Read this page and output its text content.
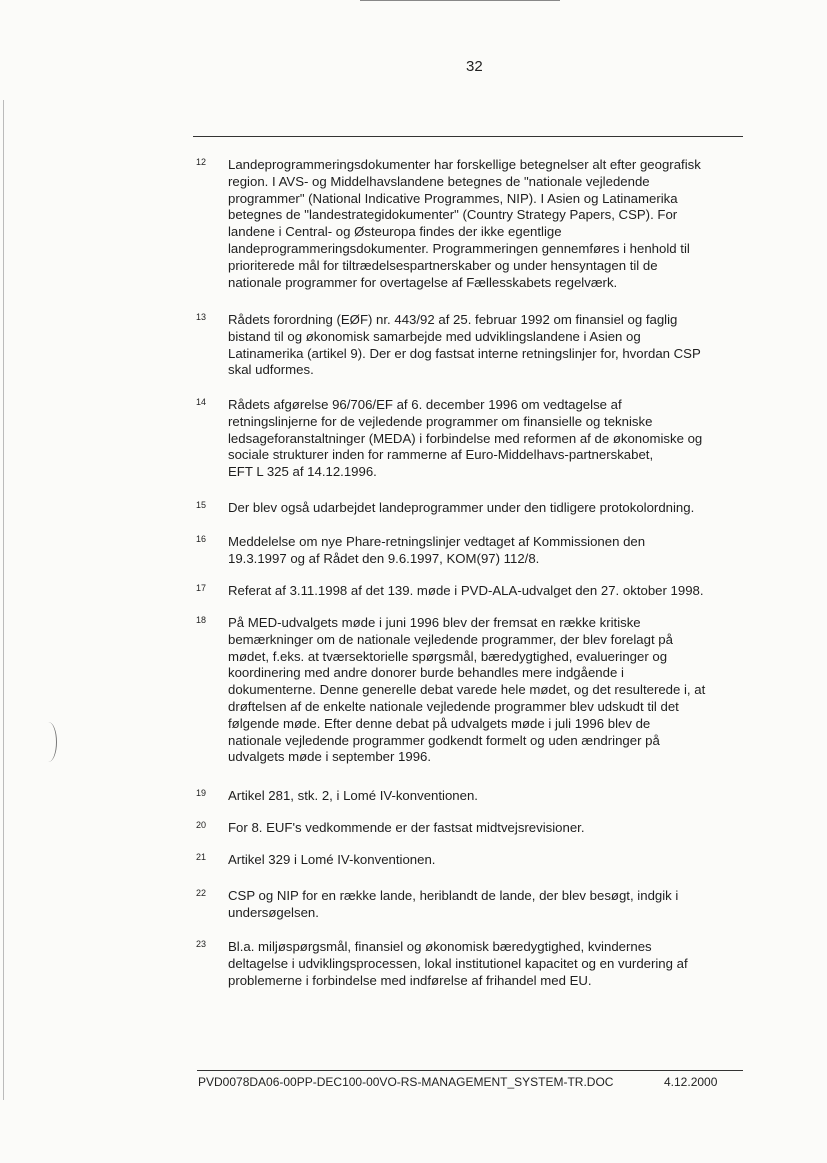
32
12 Landeprogrammeringsdokumenter har forskellige betegnelser alt efter geografisk
region. I AVS- og Middelhavslandene betegnes de "nationale vejledende
programmer" (National Indicative Programmes, NIP). I Asien og Latinamerika
betegnes de "landestrategidokumenter" (Country Strategy Papers, CSP). For
landene i Central- og Østeuropa findes der ikke egentlige
landeprogrammeringsdokumenter. Programmeringen gennemføres i henhold til
prioriterede mål for tiltrædelsespartnerskaber og under hensyntagen til de
nationale programmer for overtagelse af Fællesskabets regelværk.
13 Rådets forordning (EØF) nr. 443/92 af 25. februar 1992 om finansiel og faglig
bistand til og økonomisk samarbejde med udviklingslandene i Asien og
Latinamerika (artikel 9). Der er dog fastsat interne retningslinjer for, hvordan CSP
skal udformes.
14 Rådets afgørelse 96/706/EF af 6. december 1996 om vedtagelse af
retningslinjerne for de vejledende programmer om finansielle og tekniske
ledsageforanstaltninger (MEDA) i forbindelse med reformen af de økonomiske og
sociale strukturer inden for rammerne af Euro-Middelhavs-partnerskabet,
EFT L 325 af 14.12.1996.
15 Der blev også udarbejdet landeprogrammer under den tidligere protokolordning.
16 Meddelelse om nye Phare-retningslinjer vedtaget af Kommissionen den
19.3.1997 og af Rådet den 9.6.1997, KOM(97) 112/8.
17 Referat af 3.11.1998 af det 139. møde i PVD-ALA-udvalget den 27. oktober 1998.
18 På MED-udvalgets møde i juni 1996 blev der fremsat en række kritiske
bemærkninger om de nationale vejledende programmer, der blev forelagt på
mødet, f.eks. at tværsektorielle spørgsmål, bæredygtighed, evalueringer og
koordinering med andre donorer burde behandles mere indgående i
dokumenterne. Denne generelle debat varede hele mødet, og det resulterede i, at
drøftelsen af de enkelte nationale vejledende programmer blev udskudt til det
følgende møde. Efter denne debat på udvalgets møde i juli 1996 blev de
nationale vejledende programmer godkendt formelt og uden ændringer på
udvalgets møde i september 1996.
19 Artikel 281, stk. 2, i Lomé IV-konventionen.
20 For 8. EUF's vedkommende er der fastsat midtvejsrevisioner.
21 Artikel 329 i Lomé IV-konventionen.
22 CSP og NIP for en række lande, heriblandt de lande, der blev besøgt, indgik i
undersøgelsen.
23 Bl.a. miljøspørgsmål, finansiel og økonomisk bæredygtighed, kvindernes
deltagelse i udviklingsprocessen, lokal institutionel kapacitet og en vurdering af
problemerne i forbindelse med indførelse af frihandel med EU.
PVD0078DA06-00PP-DEC100-00VO-RS-MANAGEMENT_SYSTEM-TR.DOC	4.12.2000
